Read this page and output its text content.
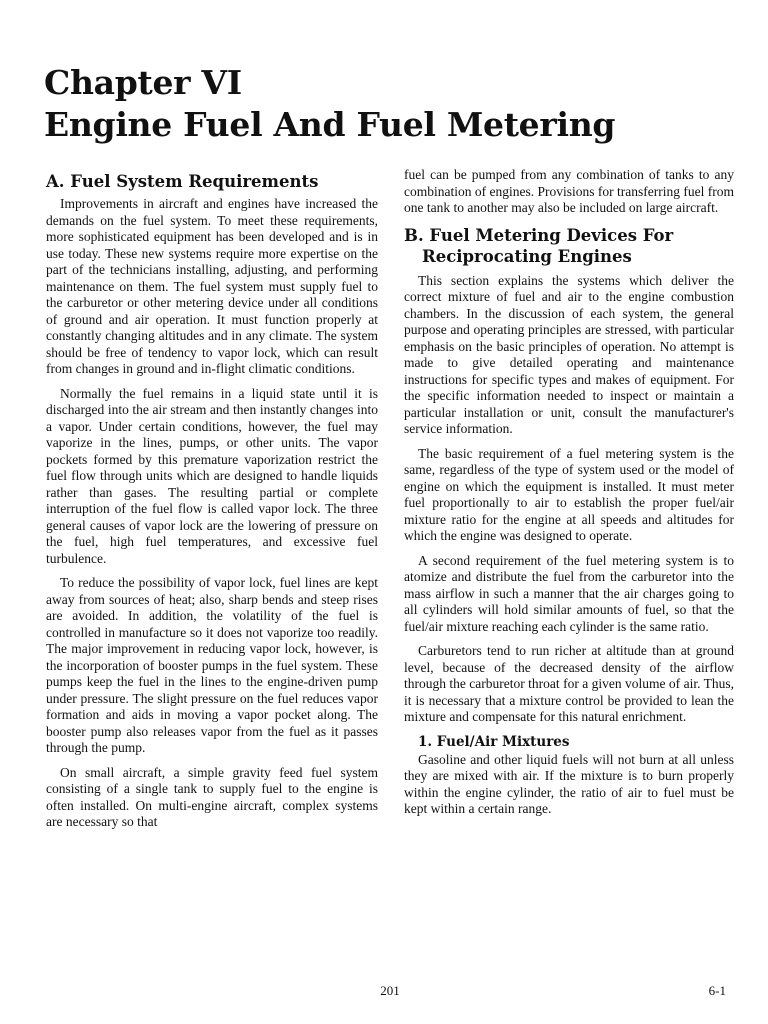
Chapter VI
Engine Fuel And Fuel Metering
A. Fuel System Requirements

Improvements in aircraft and engines have increased the demands on the fuel system. To meet these requirements, more sophisticated equipment has been developed and is in use today. These new systems require more expertise on the part of the technicians installing, adjusting, and performing maintenance on them. The fuel system must supply fuel to the carburetor or other metering device under all conditions of ground and air operation. It must function properly at constantly changing altitudes and in any climate. The system should be free of tendency to vapor lock, which can result from changes in ground and in-flight climatic conditions.

Normally the fuel remains in a liquid state until it is discharged into the air stream and then instantly changes into a vapor. Under certain conditions, however, the fuel may vaporize in the lines, pumps, or other units. The vapor pockets formed by this premature vaporization restrict the fuel flow through units which are designed to handle liquids rather than gases. The resulting partial or complete interruption of the fuel flow is called vapor lock. The three general causes of vapor lock are the lowering of pressure on the fuel, high fuel temperatures, and excessive fuel turbulence.

To reduce the possibility of vapor lock, fuel lines are kept away from sources of heat; also, sharp bends and steep rises are avoided. In addition, the volatility of the fuel is controlled in manufacture so it does not vaporize too readily. The major improvement in reducing vapor lock, however, is the incorporation of booster pumps in the fuel system. These pumps keep the fuel in the lines to the engine-driven pump under pressure. The slight pressure on the fuel reduces vapor formation and aids in moving a vapor pocket along. The booster pump also releases vapor from the fuel as it passes through the pump.

On small aircraft, a simple gravity feed fuel system consisting of a single tank to supply fuel to the engine is often installed. On multi-engine aircraft, complex systems are necessary so that

fuel can be pumped from any combination of tanks to any combination of engines. Provisions for transferring fuel from one tank to another may also be included on large aircraft.

B. Fuel Metering Devices For Reciprocating Engines

This section explains the systems which deliver the correct mixture of fuel and air to the engine combustion chambers. In the discussion of each system, the general purpose and operating principles are stressed, with particular emphasis on the basic principles of operation. No attempt is made to give detailed operating and maintenance instructions for specific types and makes of equipment. For the specific information needed to inspect or maintain a particular installation or unit, consult the manufacturer's service information.

The basic requirement of a fuel metering system is the same, regardless of the type of system used or the model of engine on which the equipment is installed. It must meter fuel proportionally to air to establish the proper fuel/air mixture ratio for the engine at all speeds and altitudes for which the engine was designed to operate.

A second requirement of the fuel metering system is to atomize and distribute the fuel from the carburetor into the mass airflow in such a manner that the air charges going to all cylinders will hold similar amounts of fuel, so that the fuel/air mixture reaching each cylinder is the same ratio.

Carburetors tend to run richer at altitude than at ground level, because of the decreased density of the airflow through the carburetor throat for a given volume of air. Thus, it is necessary that a mixture control be provided to lean the mixture and compensate for this natural enrichment.

1. Fuel/Air Mixtures

Gasoline and other liquid fuels will not burn at all unless they are mixed with air. If the mixture is to burn properly within the engine cylinder, the ratio of air to fuel must be kept within a certain range.

201	6-1
